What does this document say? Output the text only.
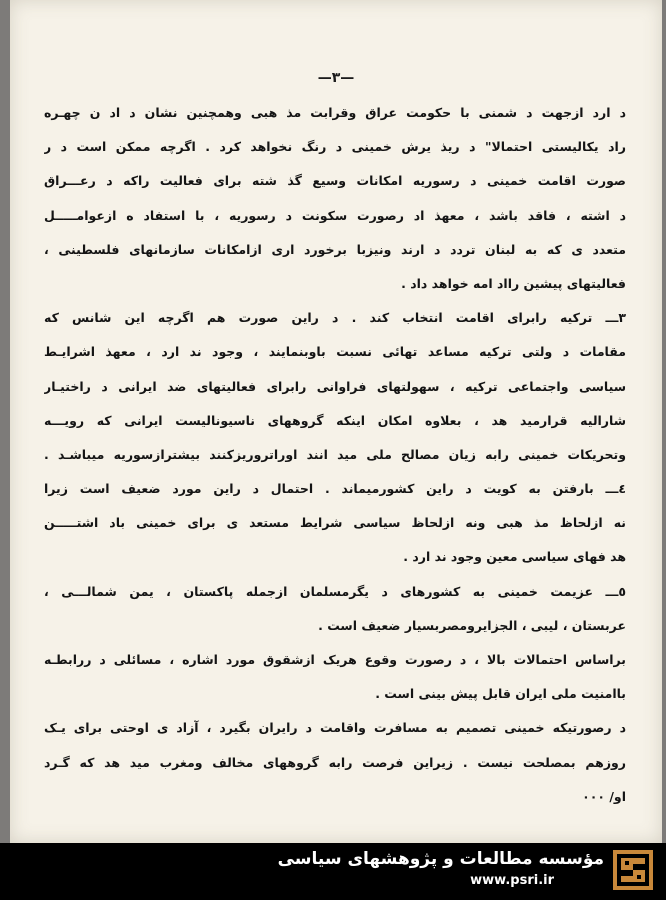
—٣—
د ارد ازجهت د شمنی با حکومت عراق وقرابت مذ هبی وهمچنین نشان د اد ن چهـره
راد یکالیستی احتمالا" د ریذ یرش خمینی د رنگ نخواهد کرد . اگرچه ممکن است د ر
صورت اقامت خمینی د رسوریه امکانات وسیع گذ شته برای فعالیت راکه د رعـــراق
د اشته ، فاقد باشد ، معهذ اد رصورت سکونت د رسوریه ، با استفاد ه ازعوامـــــل
متعدد ی که به لبنان تردد د ارند ونیزبا برخورد اری ازامکانات سازمانهای فلسطینی ،
فعالیتهای پیشین رااد امه خواهد داد .
٣ـــ ترکیه رابرای اقامت انتخاب کند . د راین صورت هم اگرچه این شانس که
مقامات د ولتی ترکیه مساعد تهائی نسبت باوبنمایند ، وجود ند ارد ، معهذ اشرایـط
سیاسی واجتماعی ترکیه ، سهولتهای فراوانی رابرای فعالیتهای ضد ایرانی د راختیـار
شارالیه قرارمید هد ، بعلاوه امکان اینکه گروههای ناسیونالیست ایرانی که رویـــه
وتحریکات خمینی رابه زیان مصالح ملی مید انند اوراتروریزکنند بیشترازسوریه میباشـد .
٤ـــ بارفتن به کویت د راین کشورمیماند . احتمال د راین مورد ضعیف است زیرا
نه ازلحاظ مذ هبی ونه ازلحاظ سیاسی شرایط مستعد ی برای خمینی باد اشتـــــن
هد فهای سیاسی معین وجود ند ارد .
٥ـــ عزیمت خمینی به کشورهای د یگرمسلمان ازجمله پاکستان ، یمن شمالـــی ،
عربستان ، لیبی ، الجزایرومصربسیار ضعیف است .
براساس احتمالات بالا ، د رصورت وقوع هریک ازشقوق مورد اشاره ، مسائلی د ررابطـه
باامنیت ملی ایران قابل پیش بینی است .
د رصورتیکه خمینی تصمیم به مسافرت واقامت د رایران بگیرد ، آزاد ی اوحتی برای یـک
روزهم بمصلحت نیست . زیراین فرصت رابه گروههای مخالف ومغرب مید هد که گـرد
او/ ٠٠٠
مؤسسه مطالعات و پژوهشهای سیاسی
www.psri.ir
